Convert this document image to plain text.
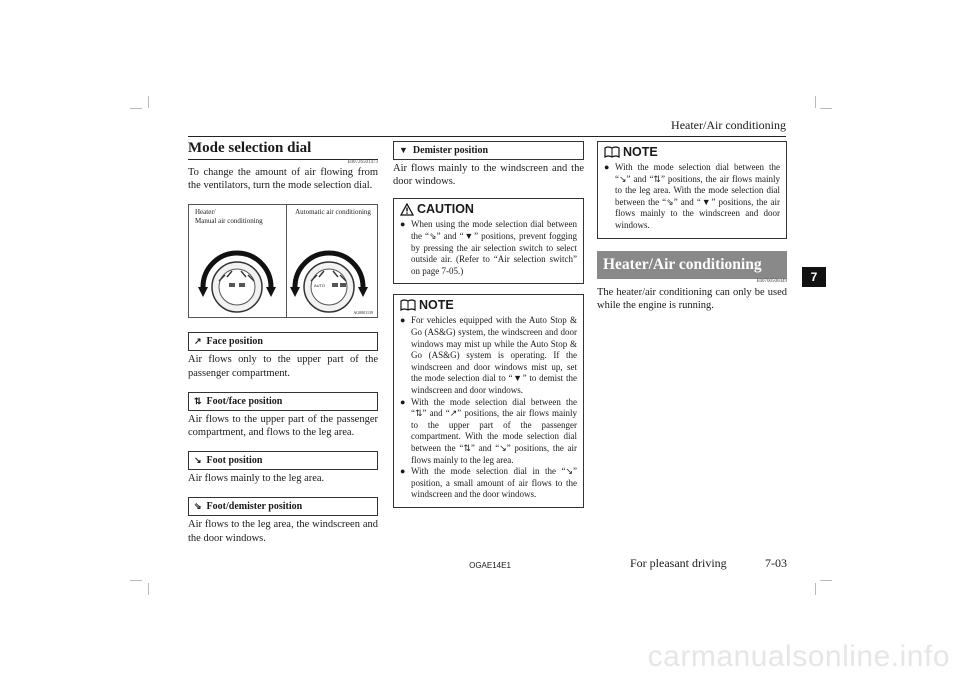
Heater/Air conditioning
7
Mode selection dial
E00726501473
To change the amount of air flowing from the ventilators, turn the mode selection dial.
Heater/
Manual air conditioning
Automatic air conditioning
AUTO
AG0001139
↗ Face position
Air flows only to the upper part of the passenger compartment.
⇅ Foot/face position
Air flows to the upper part of the passenger compartment, and flows to the leg area.
↘ Foot position
Air flows mainly to the leg area.
⇘ Foot/demister position
Air flows to the leg area, the windscreen and the door windows.
▼ Demister position
Air flows mainly to the windscreen and the door windows.
CAUTION
● When using the mode selection dial between the “⇘” and “▼” positions, prevent fogging by pressing the air selection switch to select outside air. (Refer to “Air selection switch” on page 7-05.)
NOTE
● For vehicles equipped with the Auto Stop & Go (AS&G) system, the windscreen and door windows may mist up while the Auto Stop & Go (AS&G) system is operating. If the windscreen and door windows mist up, set the mode selection dial to “▼” to demist the windscreen and door windows.
● With the mode selection dial between the “⇅” and “↗” positions, the air flows mainly to the upper part of the passenger compartment. With the mode selection dial between the “⇅” and “↘” positions, the air flows mainly to the leg area.
● With the mode selection dial in the “↘” position, a small amount of air flows to the windscreen and the door windows.
NOTE
● With the mode selection dial between the “↘” and “⇅” positions, the air flows mainly to the leg area. With the mode selection dial between the “⇘” and “▼” positions, the air flows mainly to the windscreen and door windows.
Heater/Air conditioning
E00700500449
The heater/air conditioning can only be used while the engine is running.
OGAE14E1	For pleasant driving	7-03
carmanualsonline.info
